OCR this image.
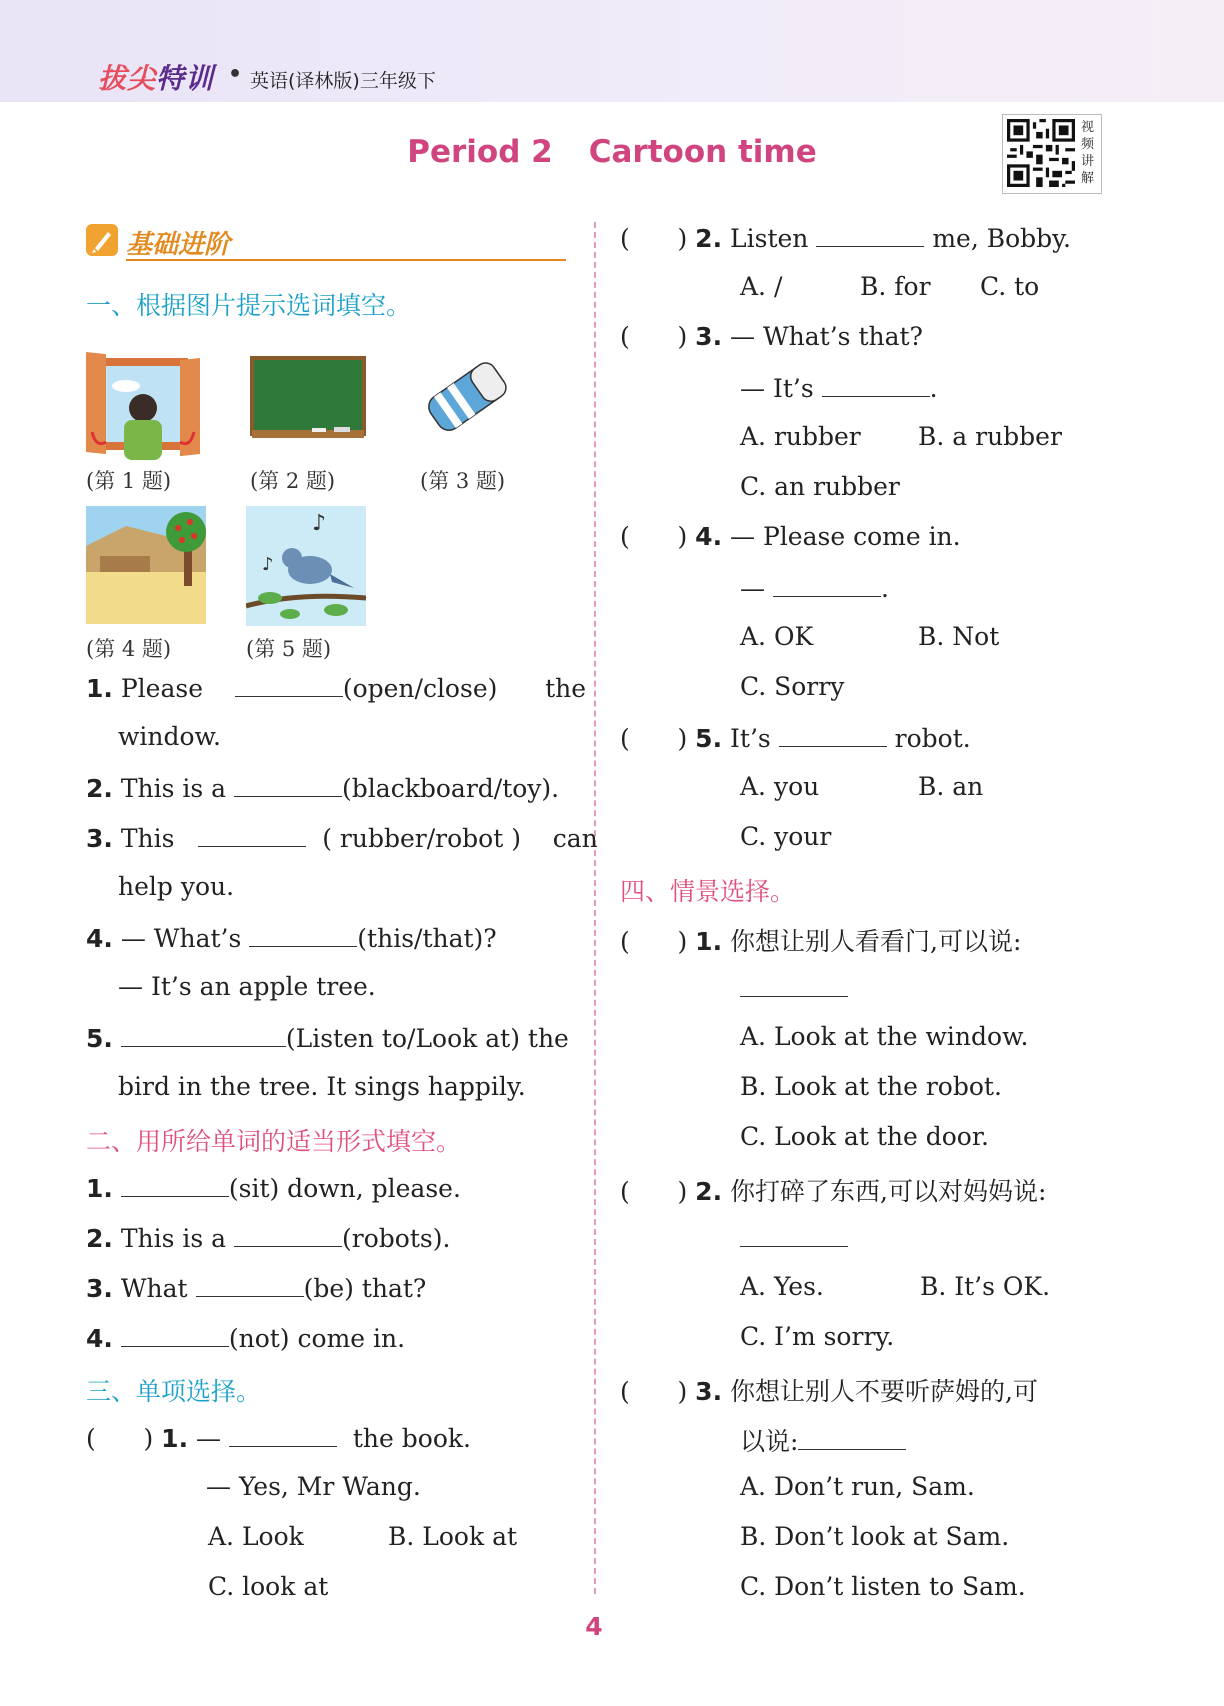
拔尖特训 • 英语(译林版)三年级下
Period 2 Cartoon time
视
频
讲
解
基础进阶
一、根据图片提示选词填空。
(第 1 题)	(第 2 题)	(第 3 题)
(第 4 题)
♪
♪
(第 5 题)
1. Please	(open/close) the
window.
2. This is a	(blackboard/toy).
3. This	( rubber/robot ) can
help you.
4. — What’s	(this/that)?
— It’s an apple tree.
5.	(Listen to/Look at) the
bird in the tree. It sings happily.
二、用所给单词的适当形式填空。
1.	(sit) down, please.
2. This is a	(robots).
3. What	(be) that?
4.	(not) come in.
三、单项选择。
( ) 1. —	the book.
— Yes, Mr Wang.
A. Look	B. Look at
C. look at
( ) 2. Listen	me, Bobby.
A. /	B. for C. to
( ) 3. — What’s that?
— It’s	.
A. rubber B. a rubber
C. an rubber
( ) 4. — Please come in.
—	.
A. OK	B. Not
C. Sorry
( ) 5. It’s	robot.
A. you	B. an
C. your
四、情景选择。
( ) 1. 你想让别人看看门,可以说:
A. Look at the window.
B. Look at the robot.
C. Look at the door.
( ) 2. 你打碎了东西,可以对妈妈说:
A. Yes.	B. It’s OK.
C. I’m sorry.
( ) 3. 你想让别人不要听萨姆的,可
以说:
A. Don’t run, Sam.
B. Don’t look at Sam.
C. Don’t listen to Sam.
4
